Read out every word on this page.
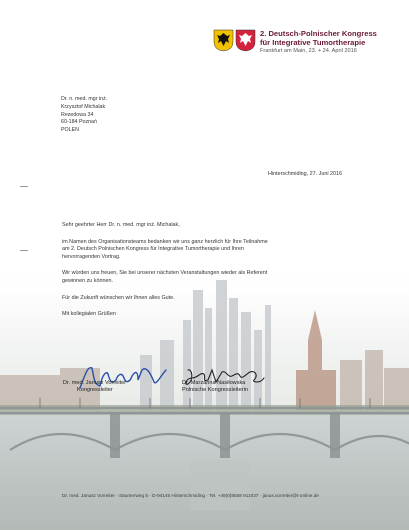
2. Deutsch-Polnischer Kongress
für Integrative Tumortherapie
Frankfurt am Main, 23. + 24. April 2016
Dr. n. med. mgr inż.
Krzysztof Michalak
Rezedowa 34
60-184 Poznań
POLEN
Hinterschmiding, 27. Juni 2016

Sehr geehrter Herr Dr. n. med. mgr inż. Michalak,

im Namen des Organisationsteams bedanken wir uns ganz herzlich für Ihre Teilnahme

am 2. Deutsch Polnischen Kongress für Integrative Tumortherapie und Ihren

hervorragenden Vortrag.

Wir würden uns freuen, Sie bei unserer nächsten Veranstaltungen wieder als Referent

gewinnen zu können.

Für die Zukunft wünschen wir Ihnen alles Gute.

Mit kollegialen Grüßen

Dr. med. Janusz Vorreiter
Kongressleiter
Dr. Marzanna Nasiłowska
Polnische Kongressleiterin
Dr. med. Janusz Vorreiter · Säumerweg 5 · D-94145 Hinterschmiding · Tel. +49(0)8558 911037 · janus.vorreiter@t-online.de
